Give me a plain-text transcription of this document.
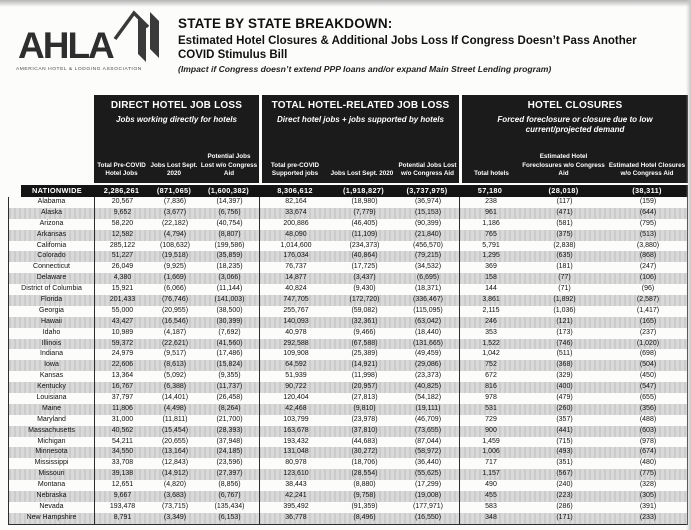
AHLA
AMERICAN HOTEL & LODGING ASSOCIATION
STATE BY STATE BREAKDOWN:
Estimated Hotel Closures & Additional Jobs Loss If Congress Doesn’t Pass Another COVID Stimulus Bill
(Impact if Congress doesn’t extend PPP loans and/or expand Main Street Lending program)
DIRECT HOTEL JOB LOSS
Jobs working directly for hotels
Total Pre-COVID Hotel Jobs
Jobs Lost Sept. 2020
Potential Jobs Lost w/o Congress Aid
TOTAL HOTEL-RELATED JOB LOSS
Direct hotel jobs + jobs supported by hotels
Total pre-COVID Supported jobs	Jobs Lost Sept. 2020
Potential Jobs Lost w/o Congress Aid
HOTEL CLOSURES
Forced foreclosure or closure due to low current/projected demand
Total hotels
Estimated Hotel Foreclosures w/o Congress Aid
Estimated Hotel Closures w/o Congress Aid
NATIONWIDE	2,286,261	(871,065)	(1,600,382)	8,306,612	(1,918,827)	(3,737,975)	57,180	(28,018)	(38,311)
Alabama	20,567	(7,836)	(14,397)	82,164	(18,980)	(36,974)	238	(117)	(159)
Alaska	9,652	(3,677)	(6,756)	33,674	(7,779)	(15,153)	961	(471)	(644)
Arizona	58,220	(22,182)	(40,754)	200,886	(46,405)	(90,399)	1,186	(581)	(795)
Arkansas	12,582	(4,794)	(8,807)	48,090	(11,109)	(21,840)	765	(375)	(513)
California	285,122	(108,632)	(199,586)	1,014,600	(234,373)	(456,570)	5,791	(2,838)	(3,880)
Colorado	51,227	(19,518)	(35,859)	176,034	(40,864)	(79,215)	1,295	(635)	(868)
Connecticut	26,049	(9,925)	(18,235)	76,737	(17,725)	(34,532)	369	(181)	(247)
Delaware	4,380	(1,669)	(3,066)	14,877	(3,437)	(6,695)	158	(77)	(106)
District of Columbia	15,921	(6,066)	(11,144)	40,824	(9,430)	(18,371)	144	(71)	(96)
Florida	201,433	(76,746)	(141,003)	747,705	(172,720)	(336,467)	3,861	(1,892)	(2,587)
Georgia	55,000	(20,955)	(38,500)	255,767	(59,082)	(115,095)	2,115	(1,036)	(1,417)
Hawaii	43,427	(16,546)	(30,399)	140,093	(32,361)	(63,042)	246	(121)	(165)
Idaho	10,989	(4,187)	(7,692)	40,978	(9,466)	(18,440)	353	(173)	(237)
Illinois	59,372	(22,621)	(41,560)	292,588	(67,588)	(131,665)	1,522	(746)	(1,020)
Indiana	24,979	(9,517)	(17,486)	109,908	(25,389)	(49,459)	1,042	(511)	(698)
Iowa	22,606	(8,613)	(15,824)	64,592	(14,921)	(29,086)	752	(368)	(504)
Kansas	13,364	(5,092)	(9,355)	51,939	(11,998)	(23,373)	672	(329)	(450)
Kentucky	16,767	(6,388)	(11,737)	90,722	(20,957)	(40,825)	816	(400)	(547)
Louisiana	37,797	(14,401)	(26,458)	120,404	(27,813)	(54,182)	978	(479)	(655)
Maine	11,806	(4,498)	(8,264)	42,468	(9,810)	(19,111)	531	(260)	(356)
Maryland	31,000	(11,811)	(21,700)	103,799	(23,978)	(46,709)	729	(357)	(488)
Massachusetts	40,562	(15,454)	(28,393)	163,678	(37,810)	(73,655)	900	(441)	(603)
Michigan	54,211	(20,655)	(37,948)	193,432	(44,683)	(87,044)	1,459	(715)	(978)
Minnesota	34,550	(13,164)	(24,185)	131,048	(30,272)	(58,972)	1,006	(493)	(674)
Mississippi	33,708	(12,843)	(23,596)	80,978	(18,706)	(36,440)	717	(351)	(480)
Missouri	39,138	(14,912)	(27,397)	123,610	(28,554)	(55,625)	1,157	(567)	(775)
Montana	12,651	(4,820)	(8,856)	38,443	(8,880)	(17,299)	490	(240)	(328)
Nebraska	9,667	(3,683)	(6,767)	42,241	(9,758)	(19,008)	455	(223)	(305)
Nevada	193,478	(73,715)	(135,434)	395,492	(91,359)	(177,971)	583	(286)	(391)
New Hampshire	8,791	(3,349)	(6,153)	36,778	(8,496)	(16,550)	348	(171)	(233)
